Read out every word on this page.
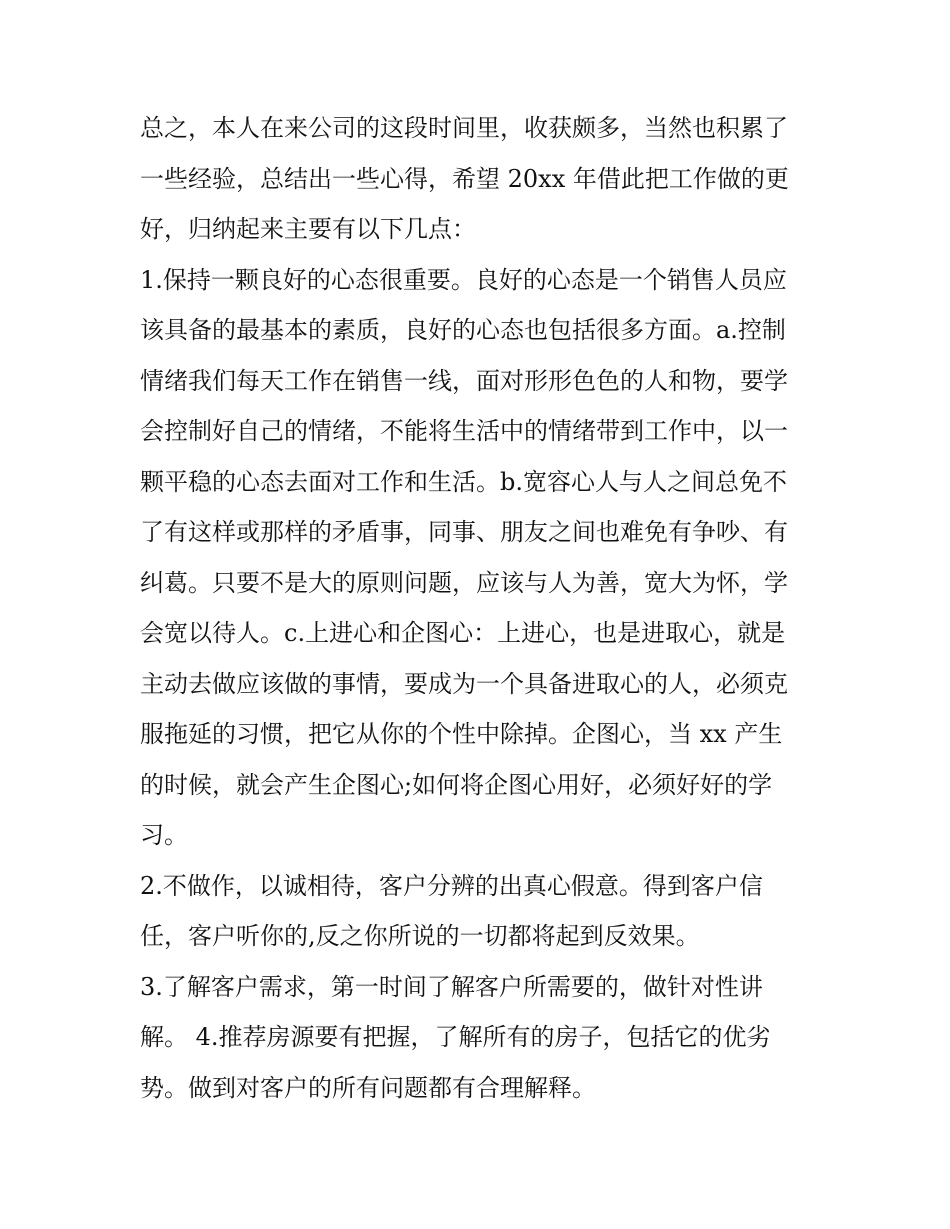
总之，本人在来公司的这段时间里，收获颇多，当然也积累了

一些经验，总结出一些心得，希望 20xx 年借此把工作做的更

好，归纳起来主要有以下几点：

1.保持一颗良好的心态很重要。良好的心态是一个销售人员应

该具备的最基本的素质，良好的心态也包括很多方面。a.控制

情绪我们每天工作在销售一线，面对形形色色的人和物，要学

会控制好自己的情绪，不能将生活中的情绪带到工作中，以一

颗平稳的心态去面对工作和生活。b.宽容心人与人之间总免不

了有这样或那样的矛盾事，同事、朋友之间也难免有争吵、有

纠葛。只要不是大的原则问题，应该与人为善，宽大为怀，学

会宽以待人。c.上进心和企图心：上进心，也是进取心，就是

主动去做应该做的事情，要成为一个具备进取心的人，必须克

服拖延的习惯，把它从你的个性中除掉。企图心，当 xx 产生

的时候，就会产生企图心;如何将企图心用好，必须好好的学

习。

2.不做作，以诚相待，客户分辨的出真心假意。得到客户信

任，客户听你的,反之你所说的一切都将起到反效果。

3.了解客户需求，第一时间了解客户所需要的，做针对性讲

解。 4.推荐房源要有把握，了解所有的房子，包括它的优劣

势。做到对客户的所有问题都有合理解释。
